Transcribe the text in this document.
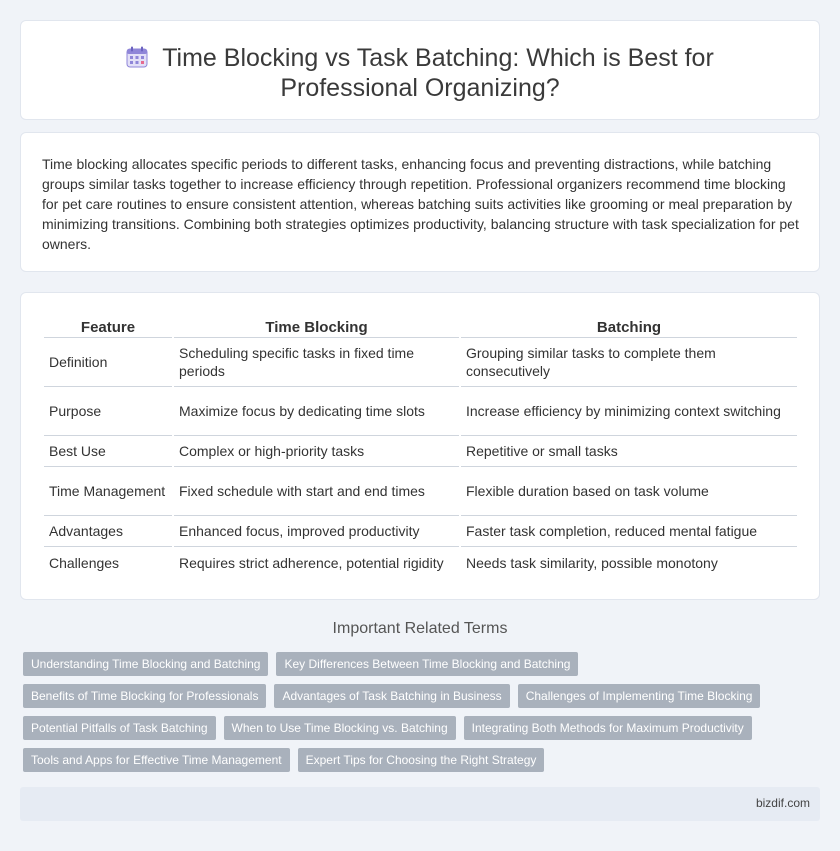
Time Blocking vs Task Batching: Which is Best for Professional Organizing?

Time blocking allocates specific periods to different tasks, enhancing focus and preventing distractions, while batching groups similar tasks together to increase efficiency through repetition. Professional organizers recommend time blocking for pet care routines to ensure consistent attention, whereas batching suits activities like grooming or meal preparation by minimizing transitions. Combining both strategies optimizes productivity, balancing structure with task specialization for pet owners.

Feature	Time Blocking	Batching
Definition	Scheduling specific tasks in fixed time periods	Grouping similar tasks to complete them consecutively
Purpose	Maximize focus by dedicating time slots	Increase efficiency by minimizing context switching
Best Use	Complex or high-priority tasks	Repetitive or small tasks
Time Management	Fixed schedule with start and end times	Flexible duration based on task volume
Advantages	Enhanced focus, improved productivity	Faster task completion, reduced mental fatigue
Challenges	Requires strict adherence, potential rigidity	Needs task similarity, possible monotony
Important Related Terms
Understanding Time Blocking and Batching	Key Differences Between Time Blocking and Batching
Benefits of Time Blocking for Professionals	Advantages of Task Batching in Business	Challenges of Implementing Time Blocking
Potential Pitfalls of Task Batching	When to Use Time Blocking vs. Batching	Integrating Both Methods for Maximum Productivity
Tools and Apps for Effective Time Management	Expert Tips for Choosing the Right Strategy
bizdif.com
